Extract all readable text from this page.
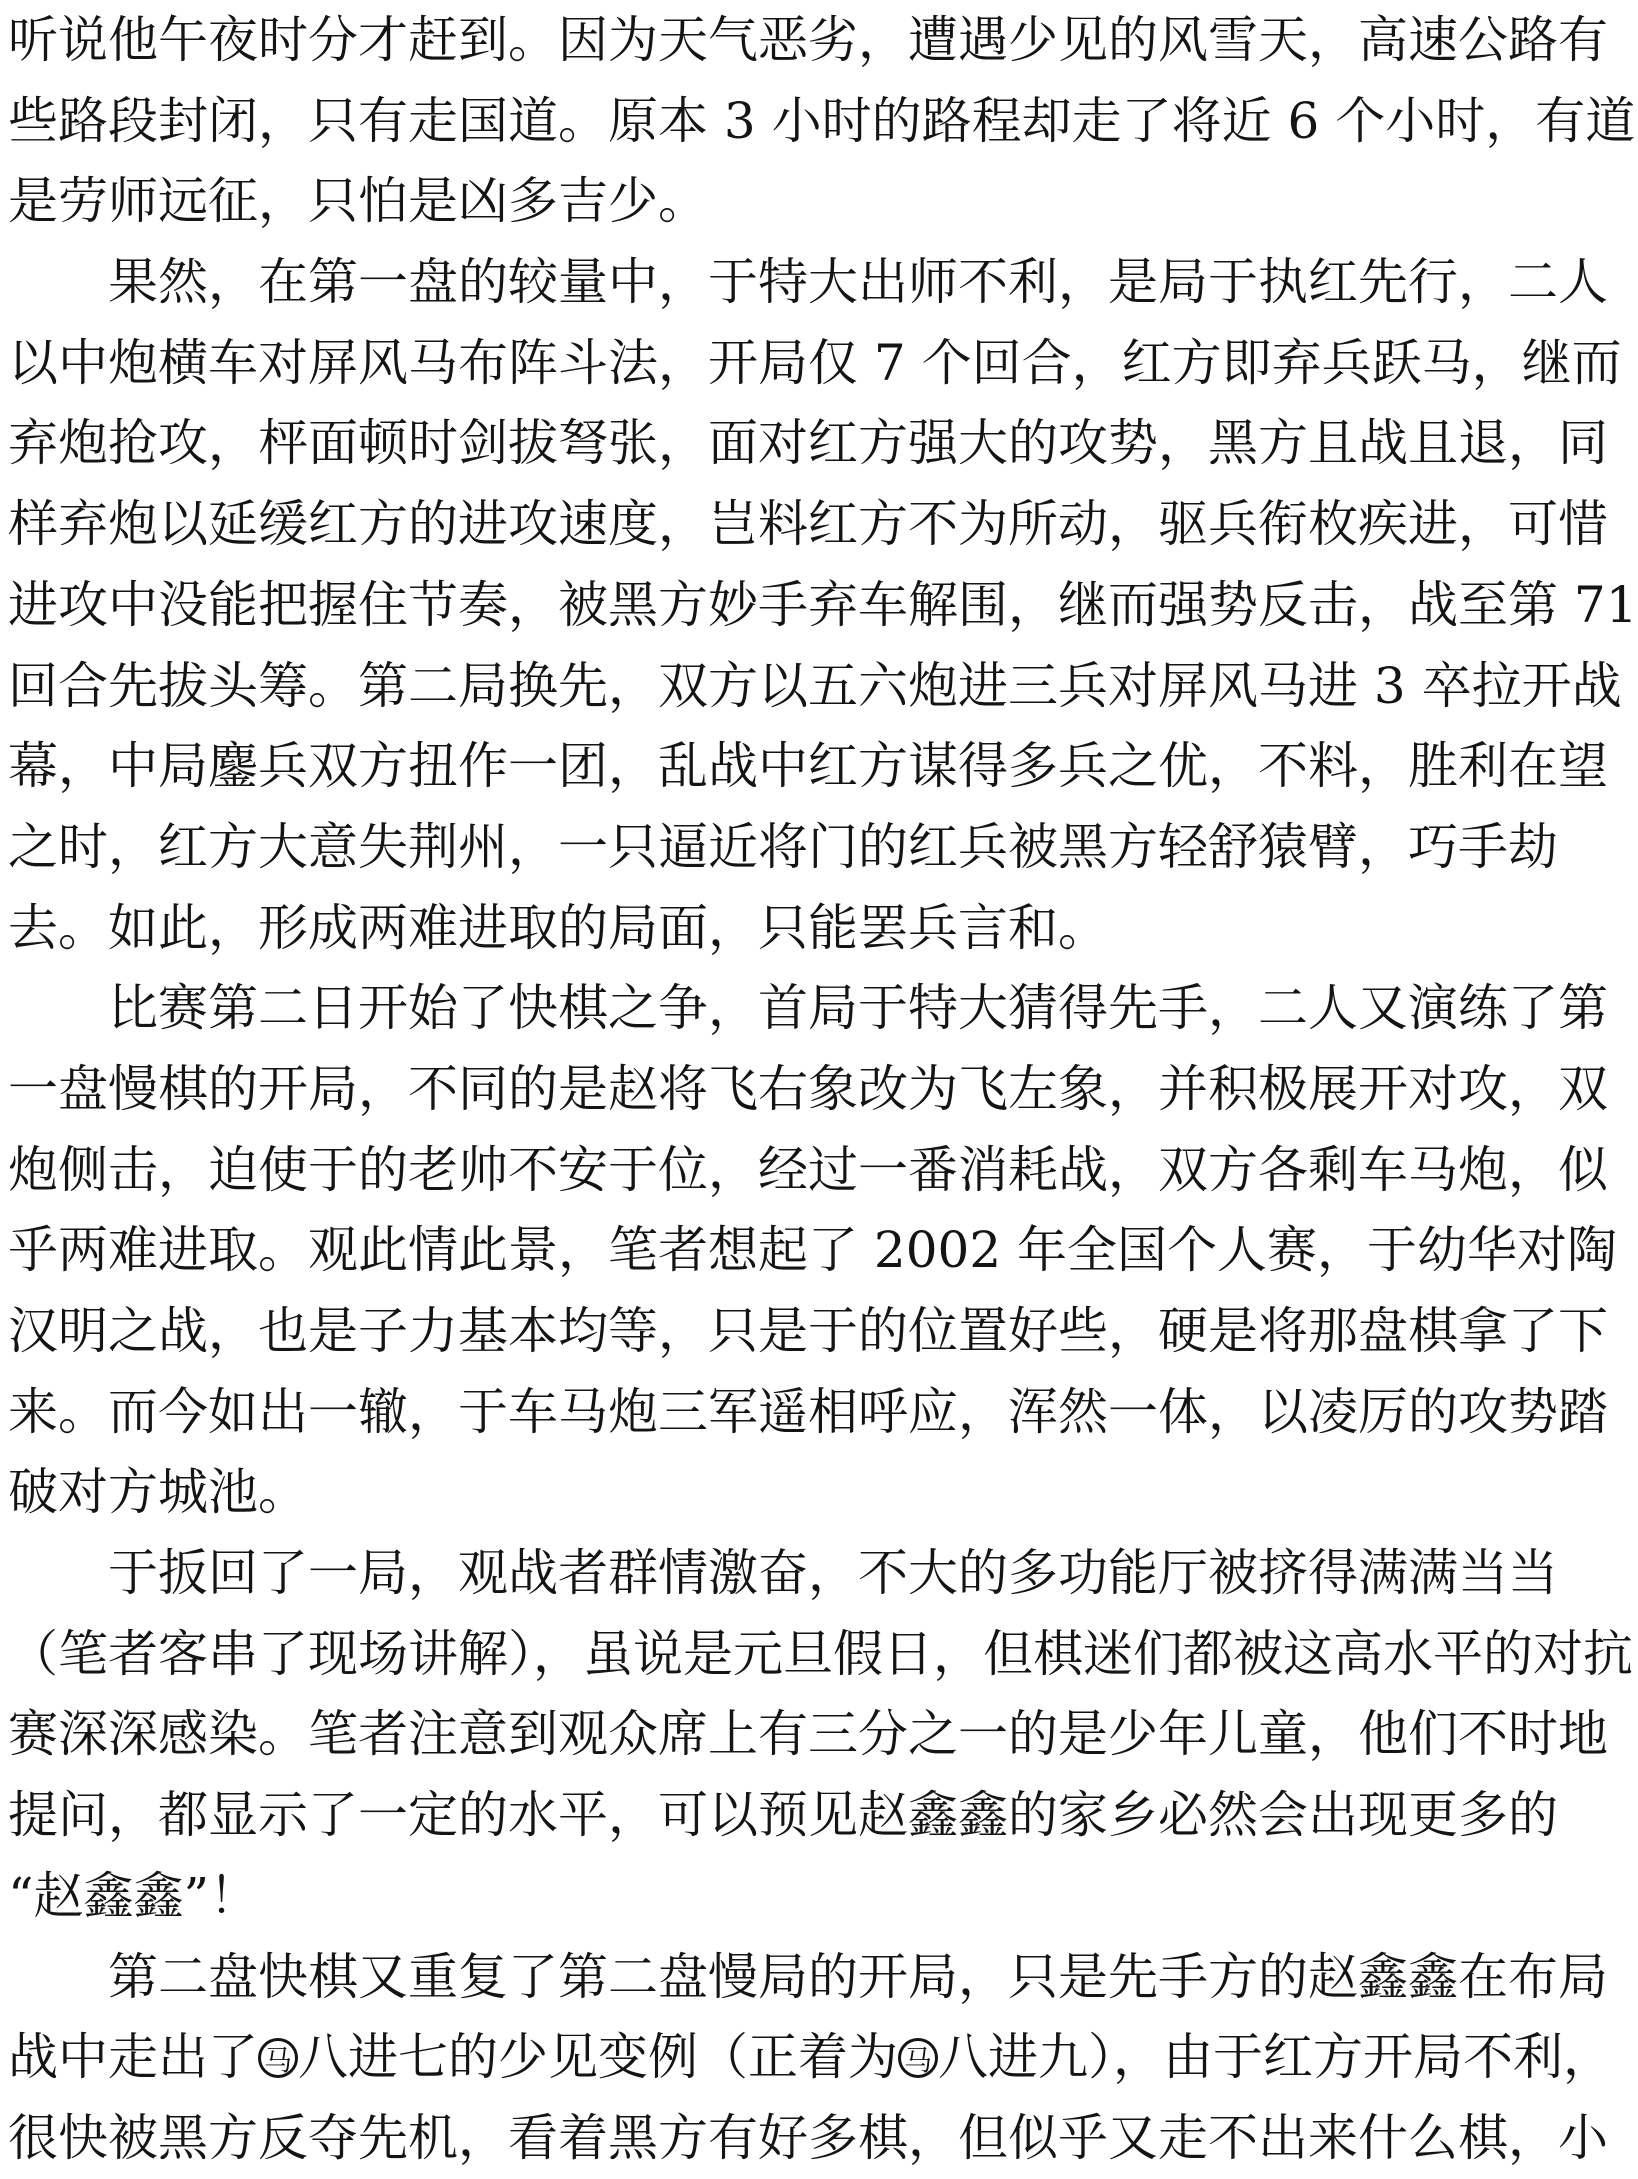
听说他午夜时分才赶到。因为天气恶劣，遭遇少见的风雪天，高速公路有
些路段封闭，只有走国道。原本 3 小时的路程却走了将近 6 个小时，有道
是劳师远征，只怕是凶多吉少。
果然，在第一盘的较量中，于特大出师不利，是局于执红先行，二人
以中炮横车对屏风马布阵斗法，开局仅 7 个回合，红方即弃兵跃马，继而
弃炮抢攻，枰面顿时剑拔弩张，面对红方强大的攻势，黑方且战且退，同
样弃炮以延缓红方的进攻速度，岂料红方不为所动，驱兵衔枚疾进，可惜
进攻中没能把握住节奏，被黑方妙手弃车解围，继而强势反击，战至第 71
回合先拔头筹。第二局换先，双方以五六炮进三兵对屏风马进 3 卒拉开战
幕，中局鏖兵双方扭作一团，乱战中红方谋得多兵之优，不料，胜利在望
之时，红方大意失荆州，一只逼近将门的红兵被黑方轻舒猿臂，巧手劫
去。如此，形成两难进取的局面，只能罢兵言和。
比赛第二日开始了快棋之争，首局于特大猜得先手，二人又演练了第
一盘慢棋的开局，不同的是赵将飞右象改为飞左象，并积极展开对攻，双
炮侧击，迫使于的老帅不安于位，经过一番消耗战，双方各剩车马炮，似
乎两难进取。观此情此景，笔者想起了 2002 年全国个人赛，于幼华对陶
汉明之战，也是子力基本均等，只是于的位置好些，硬是将那盘棋拿了下
来。而今如出一辙，于车马炮三军遥相呼应，浑然一体，以凌厉的攻势踏
破对方城池。
于扳回了一局，观战者群情激奋，不大的多功能厅被挤得满满当当
（笔者客串了现场讲解），虽说是元旦假日，但棋迷们都被这高水平的对抗
赛深深感染。笔者注意到观众席上有三分之一的是少年儿童，他们不时地
提问，都显示了一定的水平，可以预见赵鑫鑫的家乡必然会出现更多的
“赵鑫鑫”！
第二盘快棋又重复了第二盘慢局的开局，只是先手方的赵鑫鑫在布局
战中走出了 马 八进七的少见变例（正着为 马 八进九），由于红方开局不利，
很快被黑方反夺先机，看着黑方有好多棋，但似乎又走不出来什么棋，小
